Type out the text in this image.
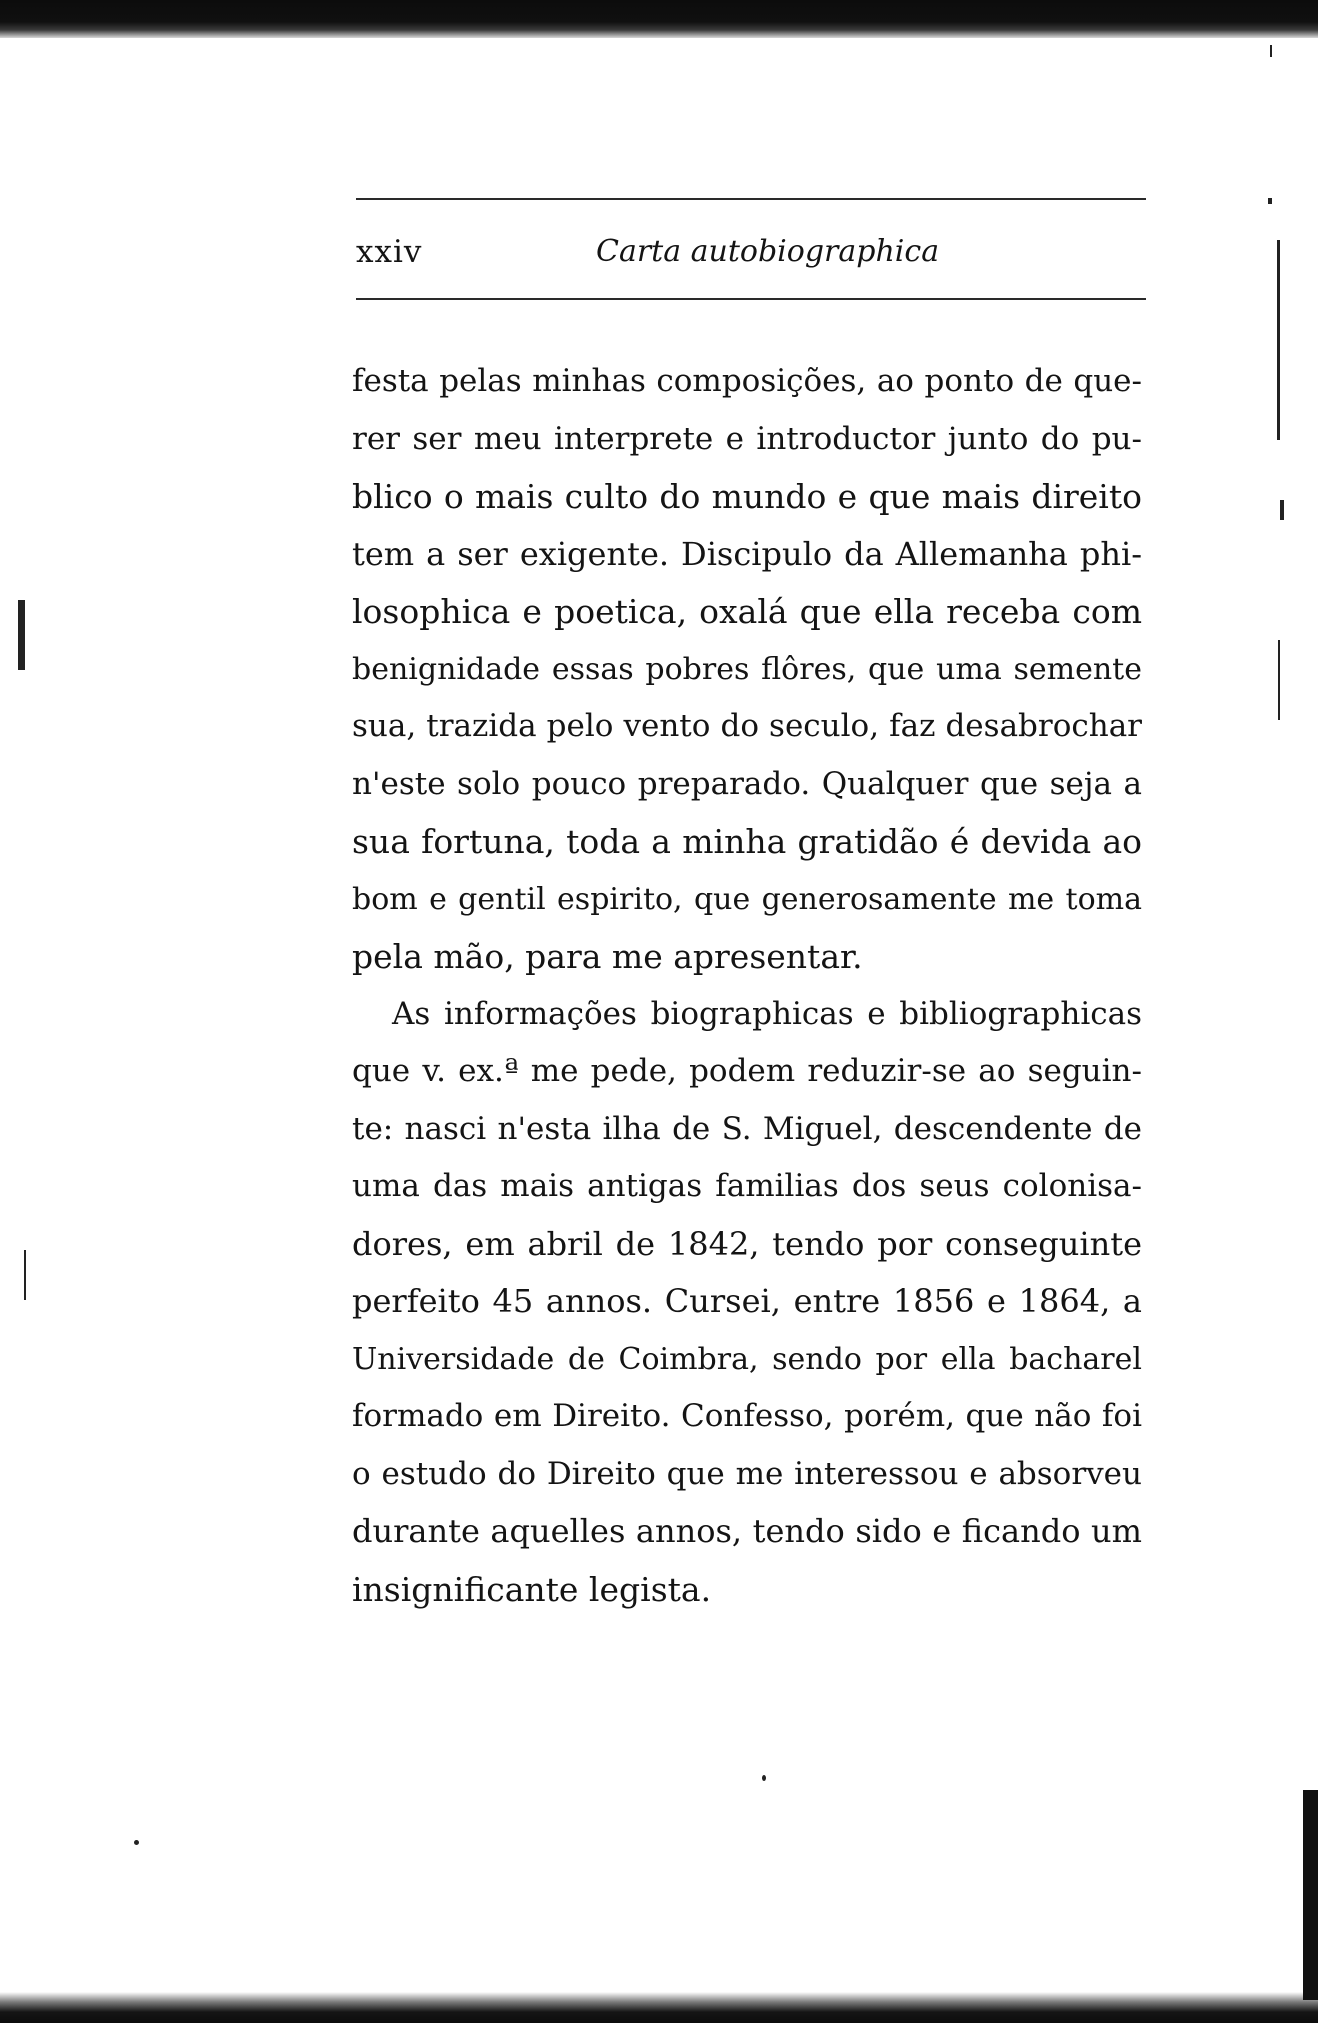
xxiv	Carta autobiographica
festa pelas minhas composições, ao ponto de que-
rer ser meu interprete e introductor junto do pu-
blico o mais culto do mundo e que mais direito
tem a ser exigente. Discipulo da Allemanha phi-
losophica e poetica, oxalá que ella receba com
benignidade essas pobres flôres, que uma semente
sua, trazida pelo vento do seculo, faz desabrochar
n'este solo pouco preparado. Qualquer que seja a
sua fortuna, toda a minha gratidão é devida ao
bom e gentil espirito, que generosamente me toma
pela mão, para me apresentar.
As informações biographicas e bibliographicas
que v. ex.ª me pede, podem reduzir-se ao seguin-
te: nasci n'esta ilha de S. Miguel, descendente de
uma das mais antigas familias dos seus colonisa-
dores, em abril de 1842, tendo por conseguinte
perfeito 45 annos. Cursei, entre 1856 e 1864, a
Universidade de Coimbra, sendo por ella bacharel
formado em Direito. Confesso, porém, que não foi
o estudo do Direito que me interessou e absorveu
durante aquelles annos, tendo sido e ficando um
insignificante legista.
